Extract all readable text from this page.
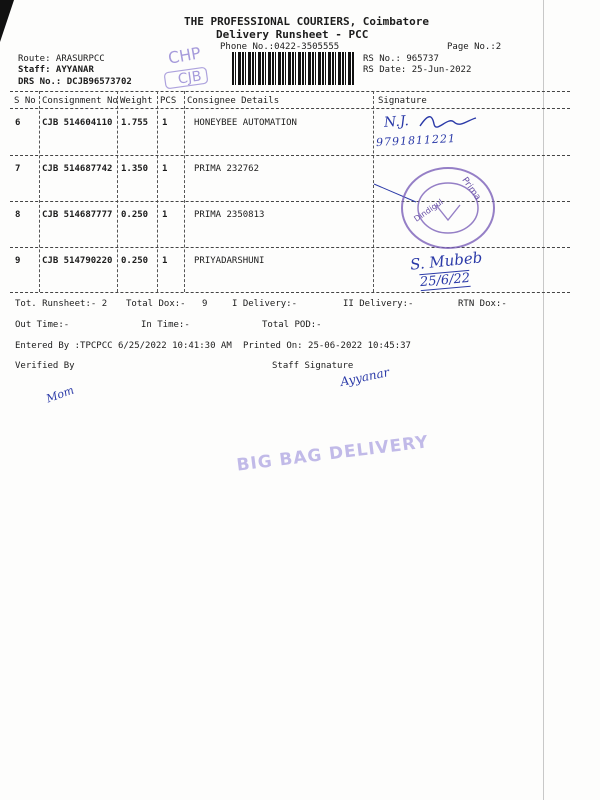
THE PROFESSIONAL COURIERS, Coimbatore
Delivery Runsheet - PCC
Phone No.:0422-3505555	Page No.:2
Route: ARASURPCC
Staff: AYYANAR
DRS No.: DCJB96573702
RS No.: 965737
RS Date: 25-Jun-2022
CHP
CJB
S No Consignment No Weight PCS Consignee Details	Signature
6 CJB 514604110 1.755 1	HONEYBEE AUTOMATION
7 CJB 514687742 1.350 1	PRIMA 232762
8 CJB 514687777 0.250 1	PRIMA 2350813
9 CJB 514790220 0.250 1	PRIYADARSHUNI
N.J.
9791811221
Prima
Dindigul
S. Mubeb
25/6/22
Tot. Runsheet:- 2 Total Dox:- 9	I Delivery:-	II Delivery:-	RTN Dox:-
Out Time:-	In Time:-	Total POD:-
Entered By :TPCPCC 6/25/2022 10:41:30 AM Printed On: 25-06-2022 10:45:37
Verified By	Staff Signature
Mom
Ayyanar
BIG BAG DELIVERY
